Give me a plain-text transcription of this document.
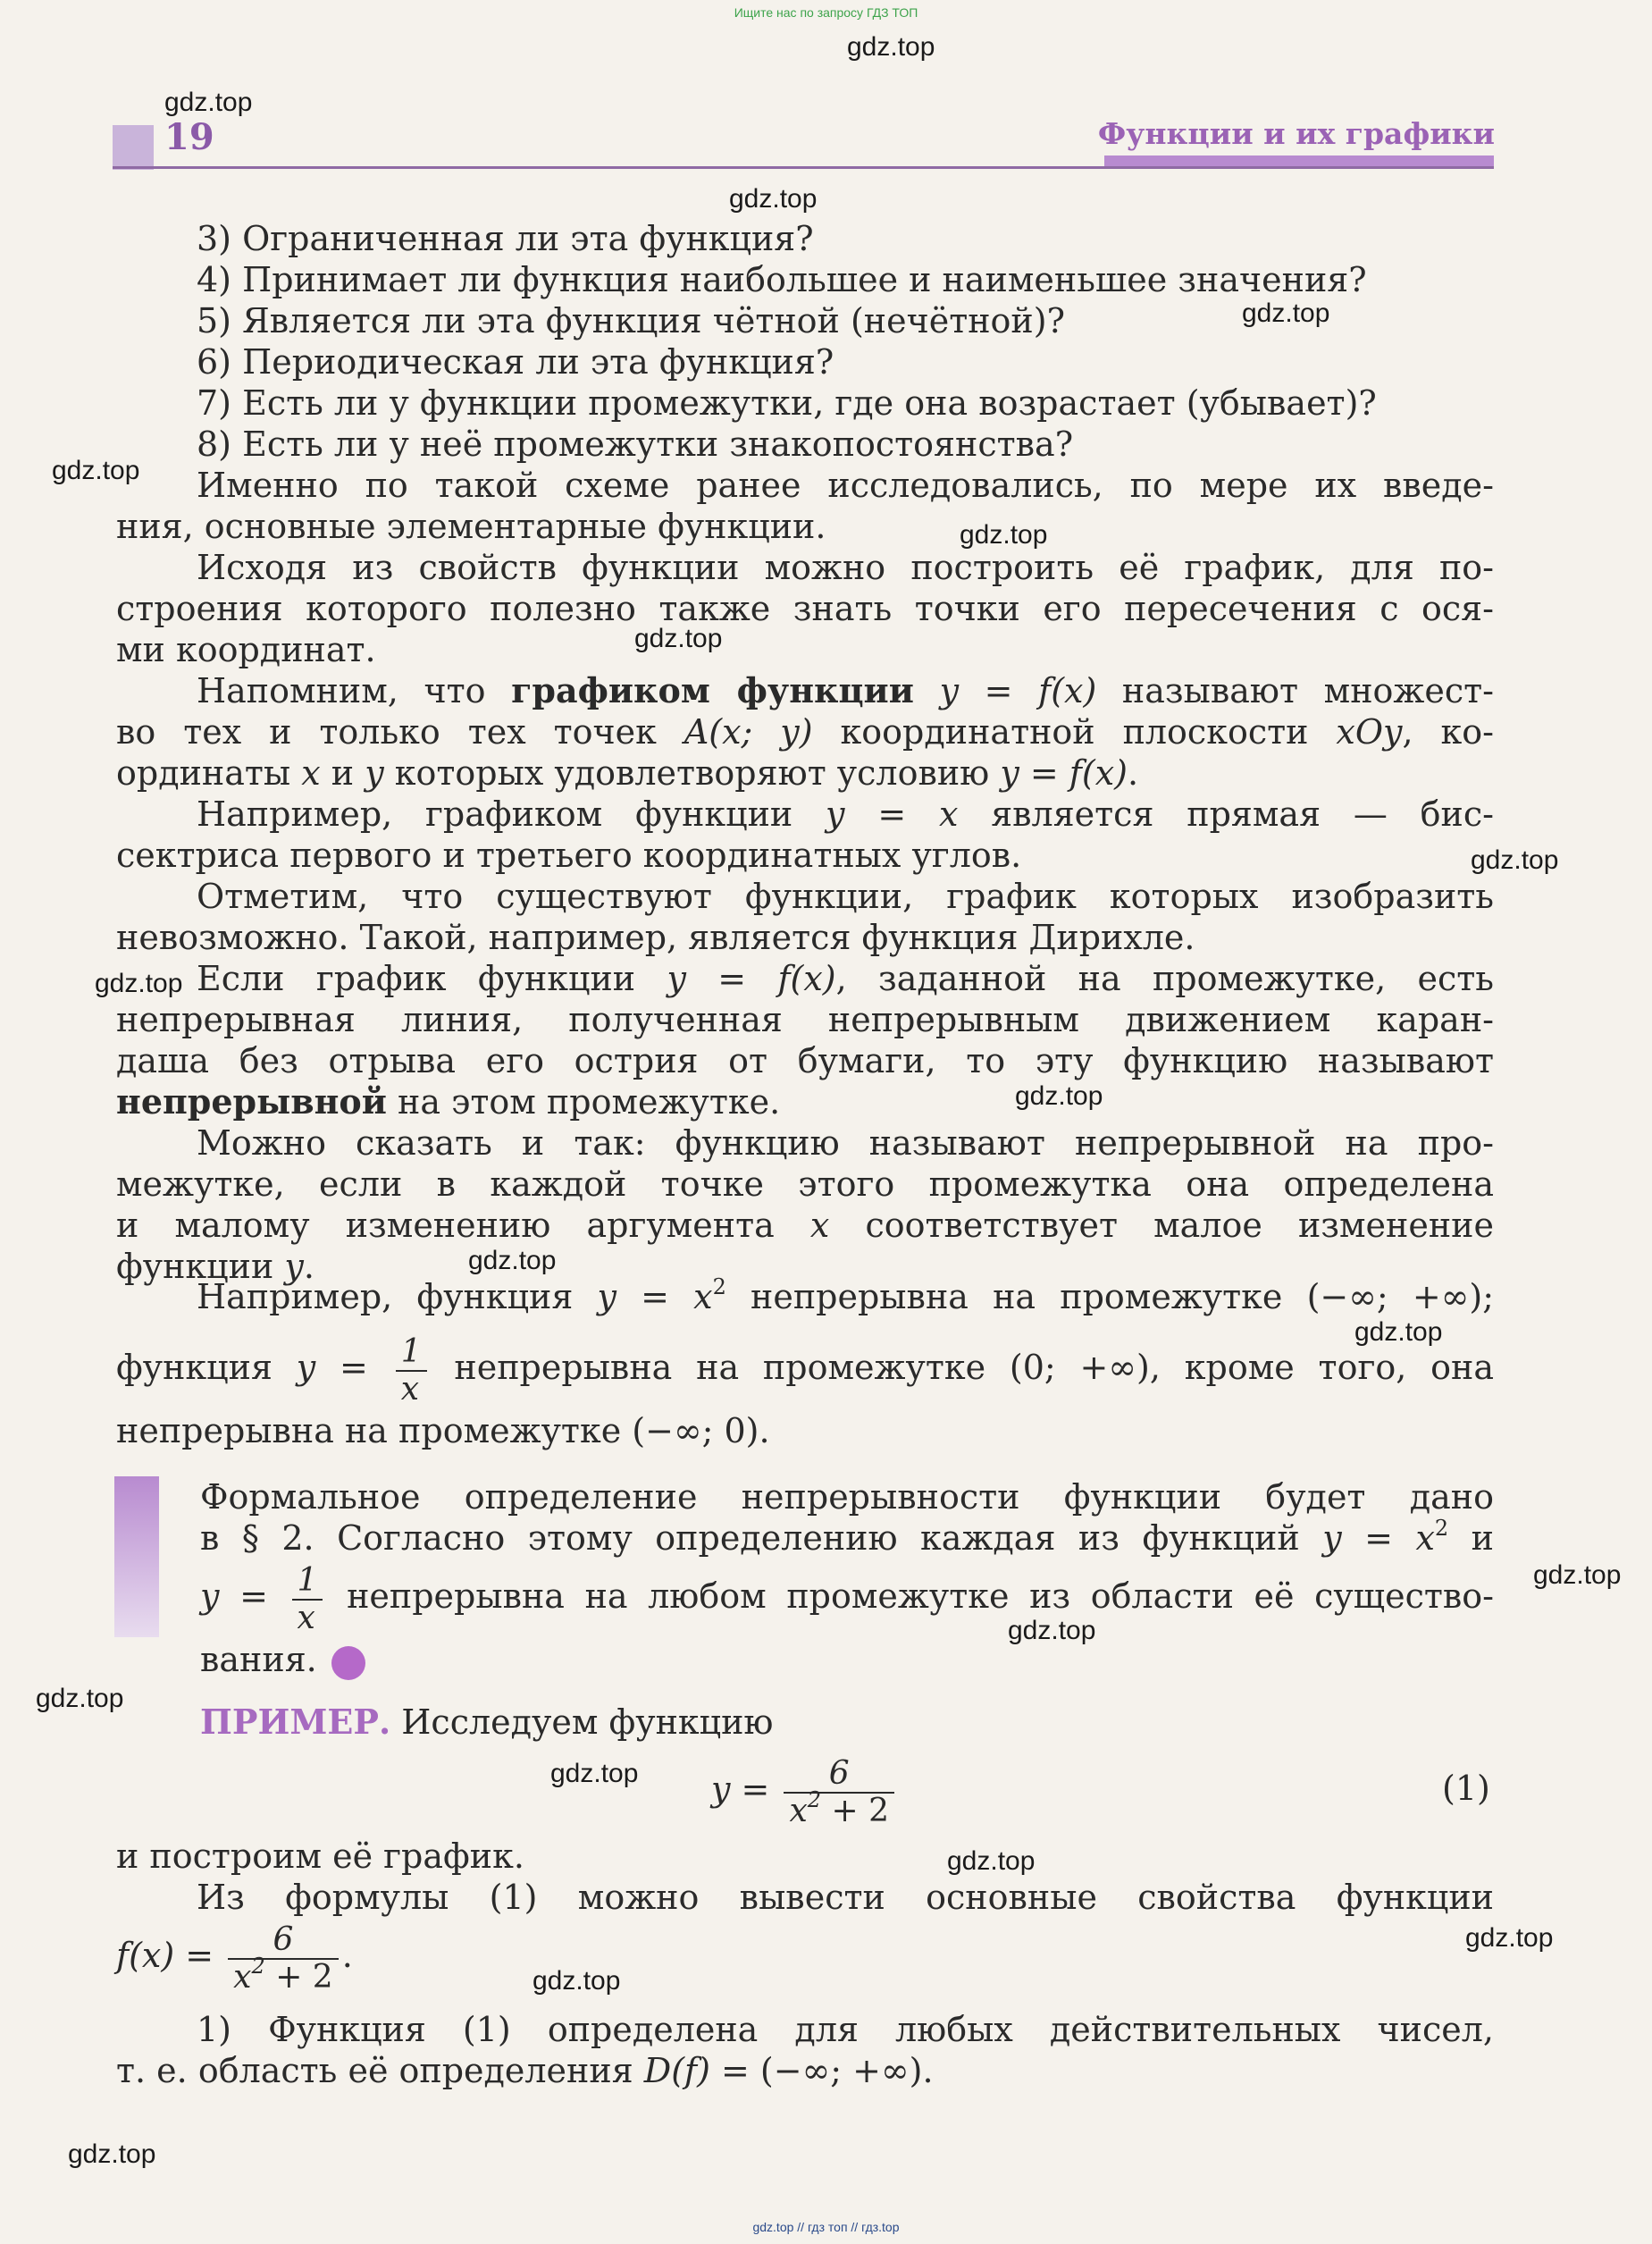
Ищите нас по запросу ГДЗ ТОП
gdz.top // гдз топ // гдз.top
19	Функции и их графики
3) Ограниченная ли эта функция?
4) Принимает ли функция наибольшее и наименьшее значения?
5) Является ли эта функция чётной (нечётной)?
6) Периодическая ли эта функция?
7) Есть ли у функции промежутки, где она возрастает (убывает)?
8) Есть ли у неё промежутки знакопостоянства?
Именно по такой схеме ранее исследовались, по мере их введе-
ния, основные элементарные функции.
Исходя из свойств функции можно построить её график, для по-
строения которого полезно также знать точки его пересечения с ося-
ми координат.
Напомним, что графиком функции y = f(x) называют множест-
во тех и только тех точек A(x; y) координатной плоскости xOy, ко-
ординаты x и y которых удовлетворяют условию y = f(x).
Например, графиком функции y = x является прямая — бис-
сектриса первого и третьего координатных углов.
Отметим, что существуют функции, график которых изобразить
невозможно. Такой, например, является функция Дирихле.
Если график функции y = f(x), заданной на промежутке, есть
непрерывная линия, полученная непрерывным движением каран-
даша без отрыва его острия от бумаги, то эту функцию называют
непрерывной на этом промежутке.
Можно сказать и так: функцию называют непрерывной на про-
межутке, если в каждой точке этого промежутка она определена
и малому изменению аргумента x соответствует малое изменение
функции y.
Например, функция $y = x^2$ непрерывна на промежутке (−∞; +∞);
функция $y = \frac{1}{x}$ непрерывна на промежутке (0; +∞), кроме того, она
непрерывна на промежутке (−∞; 0).
Формальное определение непрерывности функции будет дано
в § 2. Согласно этому определению каждая из функций $y = x^2$ и
$y = \frac{1}{x}$ непрерывна на любом промежутке из области её существо-
вания.
ПРИМЕР. Исследуем функцию
$y = \frac{6}{x^2 + 2}$	(1)
и построим её график.
Из формулы (1) можно вывести основные свойства функции
$f(x) = \frac{6}{x^2 + 2}$ .
1) Функция (1) определена для любых действительных чисел,
т. е. область её определения D(f) = (−∞; +∞).
gdz.top
gdz.top
gdz.top
gdz.top
gdz.top
gdz.top
gdz.top
gdz.top
gdz.top
gdz.top
gdz.top
gdz.top
gdz.top
gdz.top
gdz.top
gdz.top
gdz.top
gdz.top
gdz.top
gdz.top
